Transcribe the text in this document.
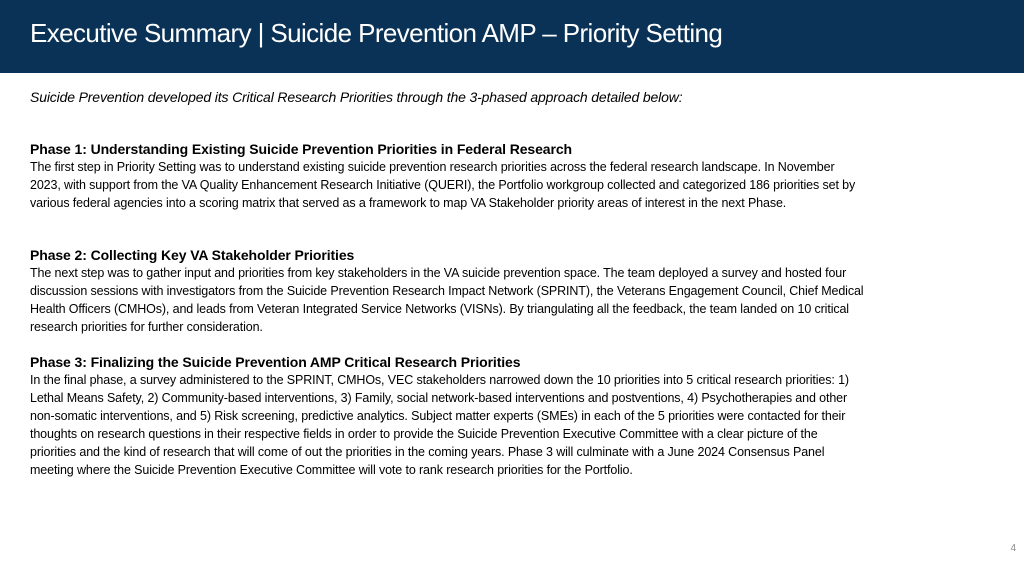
Executive Summary | Suicide Prevention AMP – Priority Setting

Suicide Prevention developed its Critical Research Priorities through the 3-phased approach detailed below:

Phase 1: Understanding Existing Suicide Prevention Priorities in Federal Research

The first step in Priority Setting was to understand existing suicide prevention research priorities across the federal research landscape. In November
2023, with support from the VA Quality Enhancement Research Initiative (QUERI), the Portfolio workgroup collected and categorized 186 priorities set by
various federal agencies into a scoring matrix that served as a framework to map VA Stakeholder priority areas of interest in the next Phase.

Phase 2: Collecting Key VA Stakeholder Priorities

The next step was to gather input and priorities from key stakeholders in the VA suicide prevention space. The team deployed a survey and hosted four
discussion sessions with investigators from the Suicide Prevention Research Impact Network (SPRINT), the Veterans Engagement Council, Chief Medical
Health Officers (CMHOs), and leads from Veteran Integrated Service Networks (VISNs). By triangulating all the feedback, the team landed on 10 critical
research priorities for further consideration.

Phase 3: Finalizing the Suicide Prevention AMP Critical Research Priorities

In the final phase, a survey administered to the SPRINT, CMHOs, VEC stakeholders narrowed down the 10 priorities into 5 critical research priorities: 1)
Lethal Means Safety, 2) Community-based interventions, 3) Family, social network-based interventions and postventions, 4) Psychotherapies and other
non-somatic interventions, and 5) Risk screening, predictive analytics. Subject matter experts (SMEs) in each of the 5 priorities were contacted for their
thoughts on research questions in their respective fields in order to provide the Suicide Prevention Executive Committee with a clear picture of the
priorities and the kind of research that will come of out the priorities in the coming years. Phase 3 will culminate with a June 2024 Consensus Panel
meeting where the Suicide Prevention Executive Committee will vote to rank research priorities for the Portfolio.

4
